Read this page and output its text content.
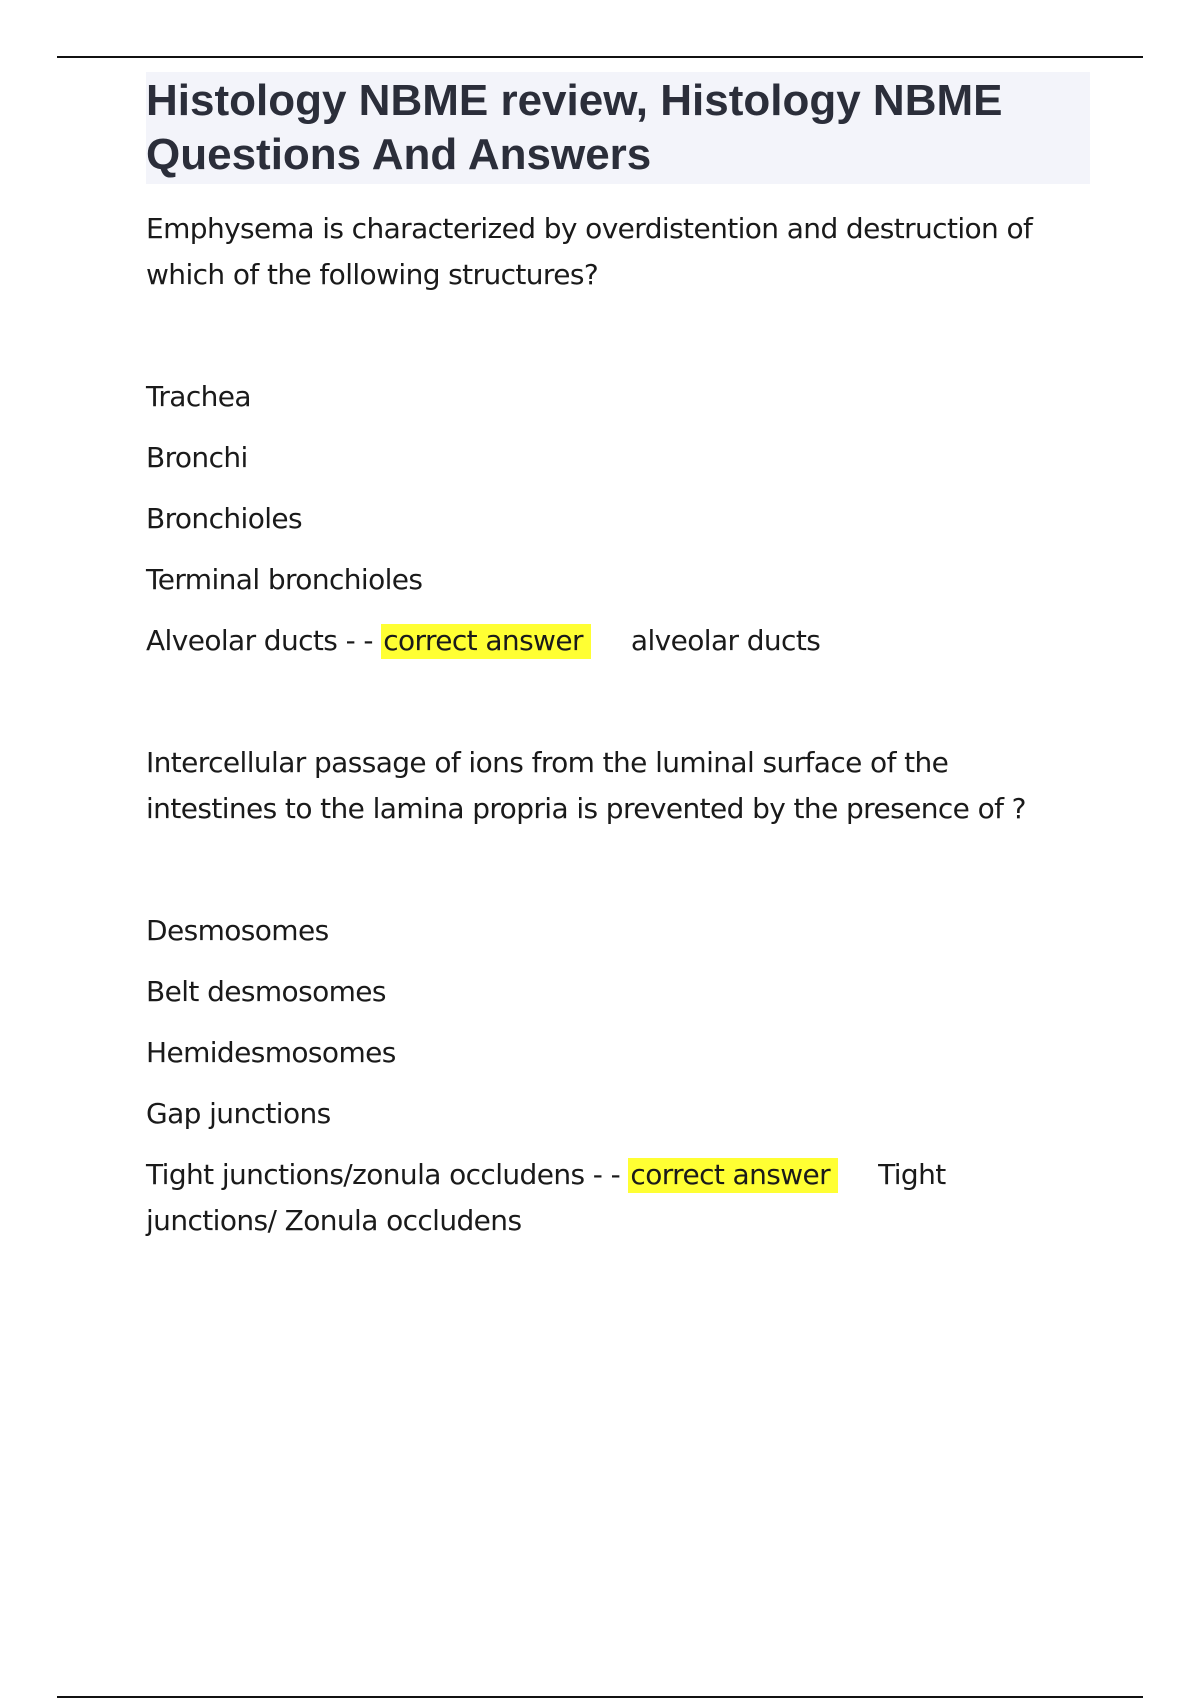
Histology NBME review, Histology NBME Questions And Answers

Emphysema is characterized by overdistention and destruction of which of the following structures?

Trachea
Bronchi
Bronchioles
Terminal bronchioles
Alveolar ducts - - correct answer alveolar ducts

Intercellular passage of ions from the luminal surface of the intestines to the lamina propria is prevented by the presence of ?

Desmosomes
Belt desmosomes
Hemidesmosomes
Gap junctions
Tight junctions/zonula occludens - - correct answer Tight junctions/ Zonula occludens
